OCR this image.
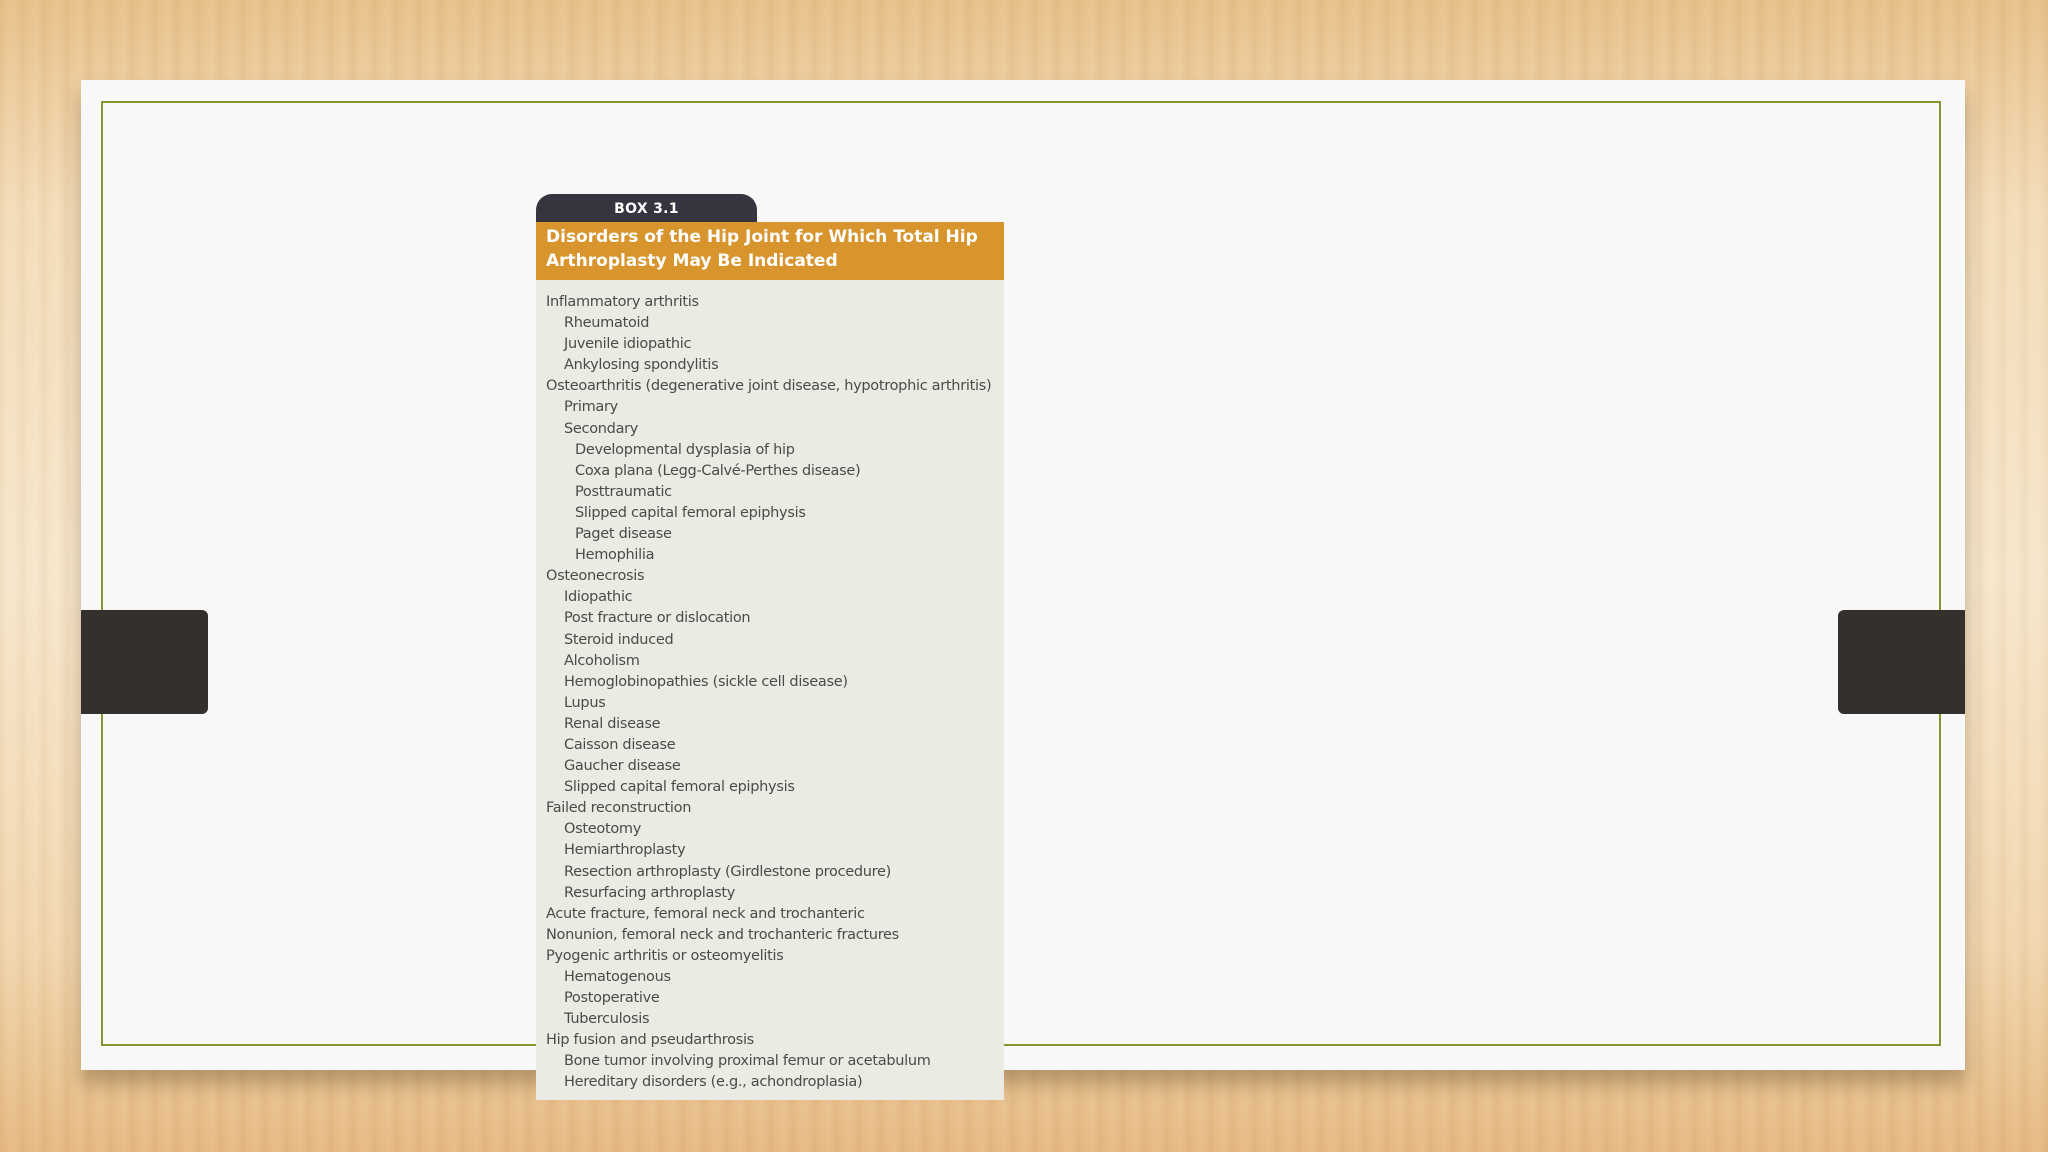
BOX 3.1
Disorders of the Hip Joint for Which Total Hip Arthroplasty May Be Indicated
Inflammatory arthritis
Rheumatoid
Juvenile idiopathic
Ankylosing spondylitis
Osteoarthritis (degenerative joint disease, hypotrophic arthritis)
Primary
Secondary
Developmental dysplasia of hip
Coxa plana (Legg-Calvé-Perthes disease)
Posttraumatic
Slipped capital femoral epiphysis
Paget disease
Hemophilia
Osteonecrosis
Idiopathic
Post fracture or dislocation
Steroid induced
Alcoholism
Hemoglobinopathies (sickle cell disease)
Lupus
Renal disease
Caisson disease
Gaucher disease
Slipped capital femoral epiphysis
Failed reconstruction
Osteotomy
Hemiarthroplasty
Resection arthroplasty (Girdlestone procedure)
Resurfacing arthroplasty
Acute fracture, femoral neck and trochanteric
Nonunion, femoral neck and trochanteric fractures
Pyogenic arthritis or osteomyelitis
Hematogenous
Postoperative
Tuberculosis
Hip fusion and pseudarthrosis
Bone tumor involving proximal femur or acetabulum
Hereditary disorders (e.g., achondroplasia)
